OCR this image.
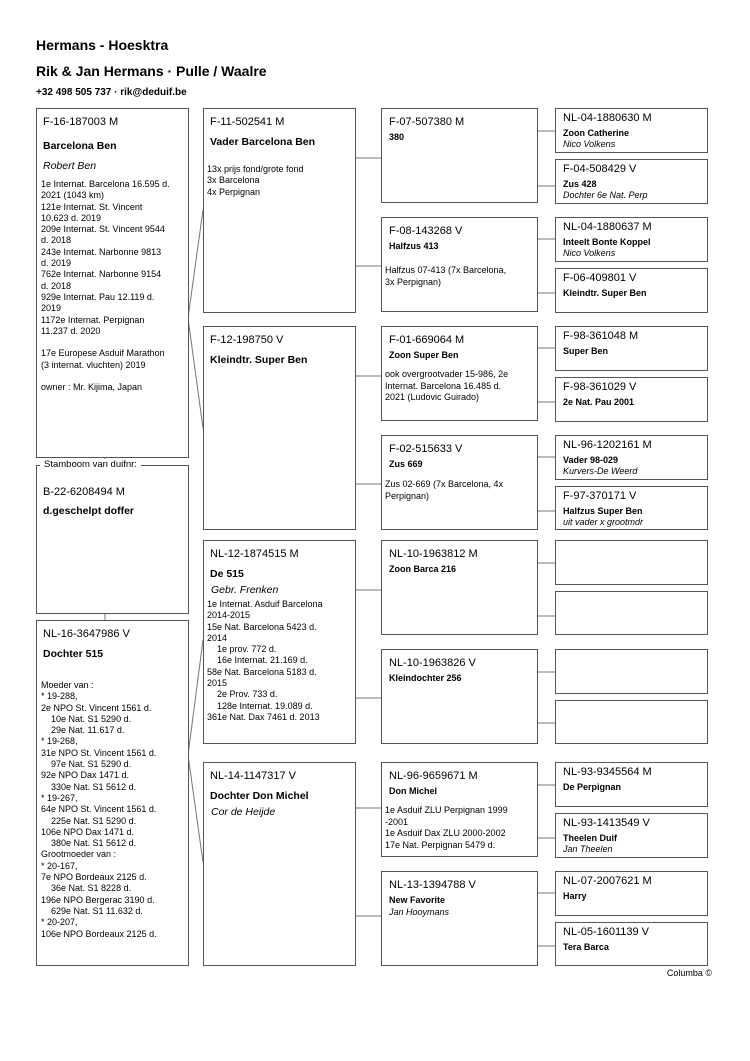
Hermans - Hoesktra
Rik & Jan Hermans · Pulle / Waalre
+32 498 505 737 · rik@deduif.be
F-16-187003 M
Barcelona Ben
Robert Ben
1e Internat. Barcelona 16.595 d.
2021 (1043 km)
121e Internat. St. Vincent
10.623 d. 2019
209e Internat. St. Vincent 9544
d. 2018
243e Internat. Narbonne 9813
d. 2019
762e Internat. Narbonne 9154
d. 2018
929e Internat. Pau 12.119 d.
2019
1172e Internat. Perpignan
11.237 d. 2020

17e Europese Asduif Marathon
(3 internat. vluchten) 2019

owner : Mr. Kijima, Japan
B-22-6208494 M
d.geschelpt doffer
Stamboom van duifnr:
NL-16-3647986 V
Dochter 515
Moeder van :
* 19-288,
2e NPO St. Vincent 1561 d.
10e Nat. S1 5290 d.
29e Nat. 11.617 d.
* 19-268,
31e NPO St. Vincent 1561 d.
97e Nat. S1 5290 d.
92e NPO Dax 1471 d.
330e Nat. S1 5612 d.
* 19-267,
64e NPO St. Vincent 1561 d.
225e Nat. S1 5290 d.
106e NPO Dax 1471 d.
380e Nat. S1 5612 d.
Grootmoeder van :
* 20-167,
7e NPO Bordeaux 2125 d.
36e Nat. S1 8228 d.
196e NPO Bergerac 3190 d.
629e Nat. S1 11.632 d.
* 20-207,
106e NPO Bordeaux 2125 d.
F-11-502541 M
Vader Barcelona Ben
13x prijs fond/grote fond
3x Barcelona
4x Perpignan
F-12-198750 V
Kleindtr. Super Ben
NL-12-1874515 M
De 515
Gebr. Frenken
1e Internat. Asduif Barcelona
2014-2015
15e Nat. Barcelona 5423 d.
2014
1e prov. 772 d.
16e Internat. 21.169 d.
58e Nat. Barcelona 5183 d.
2015
2e Prov. 733 d.
128e Internat. 19.089 d.
361e Nat. Dax 7461 d. 2013
NL-14-1147317 V
Dochter Don Michel
Cor de Heijde
F-07-507380 M
380
F-08-143268 V
Halfzus 413
Halfzus 07-413 (7x Barcelona,
3x Perpignan)
F-01-669064 M
Zoon Super Ben
ook overgrootvader 15-986, 2e
Internat. Barcelona 16.485 d.
2021 (Ludovic Guirado)
F-02-515633 V
Zus 669
Zus 02-669 (7x Barcelona, 4x
Perpignan)
NL-10-1963812 M
Zoon Barca 216
NL-10-1963826 V
Kleindochter 256
NL-96-9659671 M
Don Michel
1e Asduif ZLU Perpignan 1999
-2001
1e Asduif Dax ZLU 2000-2002
17e Nat. Perpignan 5479 d.
NL-13-1394788 V
New Favorite
Jan Hooymans
NL-04-1880630 M
Zoon Catherine
Nico Volkens
F-04-508429 V
Zus 428
Dochter 6e Nat. Perp
NL-04-1880637 M
Inteelt Bonte Koppel
Nico Volkens
F-06-409801 V
Kleindtr. Super Ben
F-98-361048 M
Super Ben
F-98-361029 V
2e Nat. Pau 2001
NL-96-1202161 M
Vader 98-029
Kurvers-De Weerd
F-97-370171 V
Halfzus Super Ben
uit vader x grootmdr
NL-93-9345564 M
De Perpignan
NL-93-1413549 V
Theelen Duif
Jan Theelen
NL-07-2007621 M
Harry
NL-05-1601139 V
Tera Barca
Columba ©
